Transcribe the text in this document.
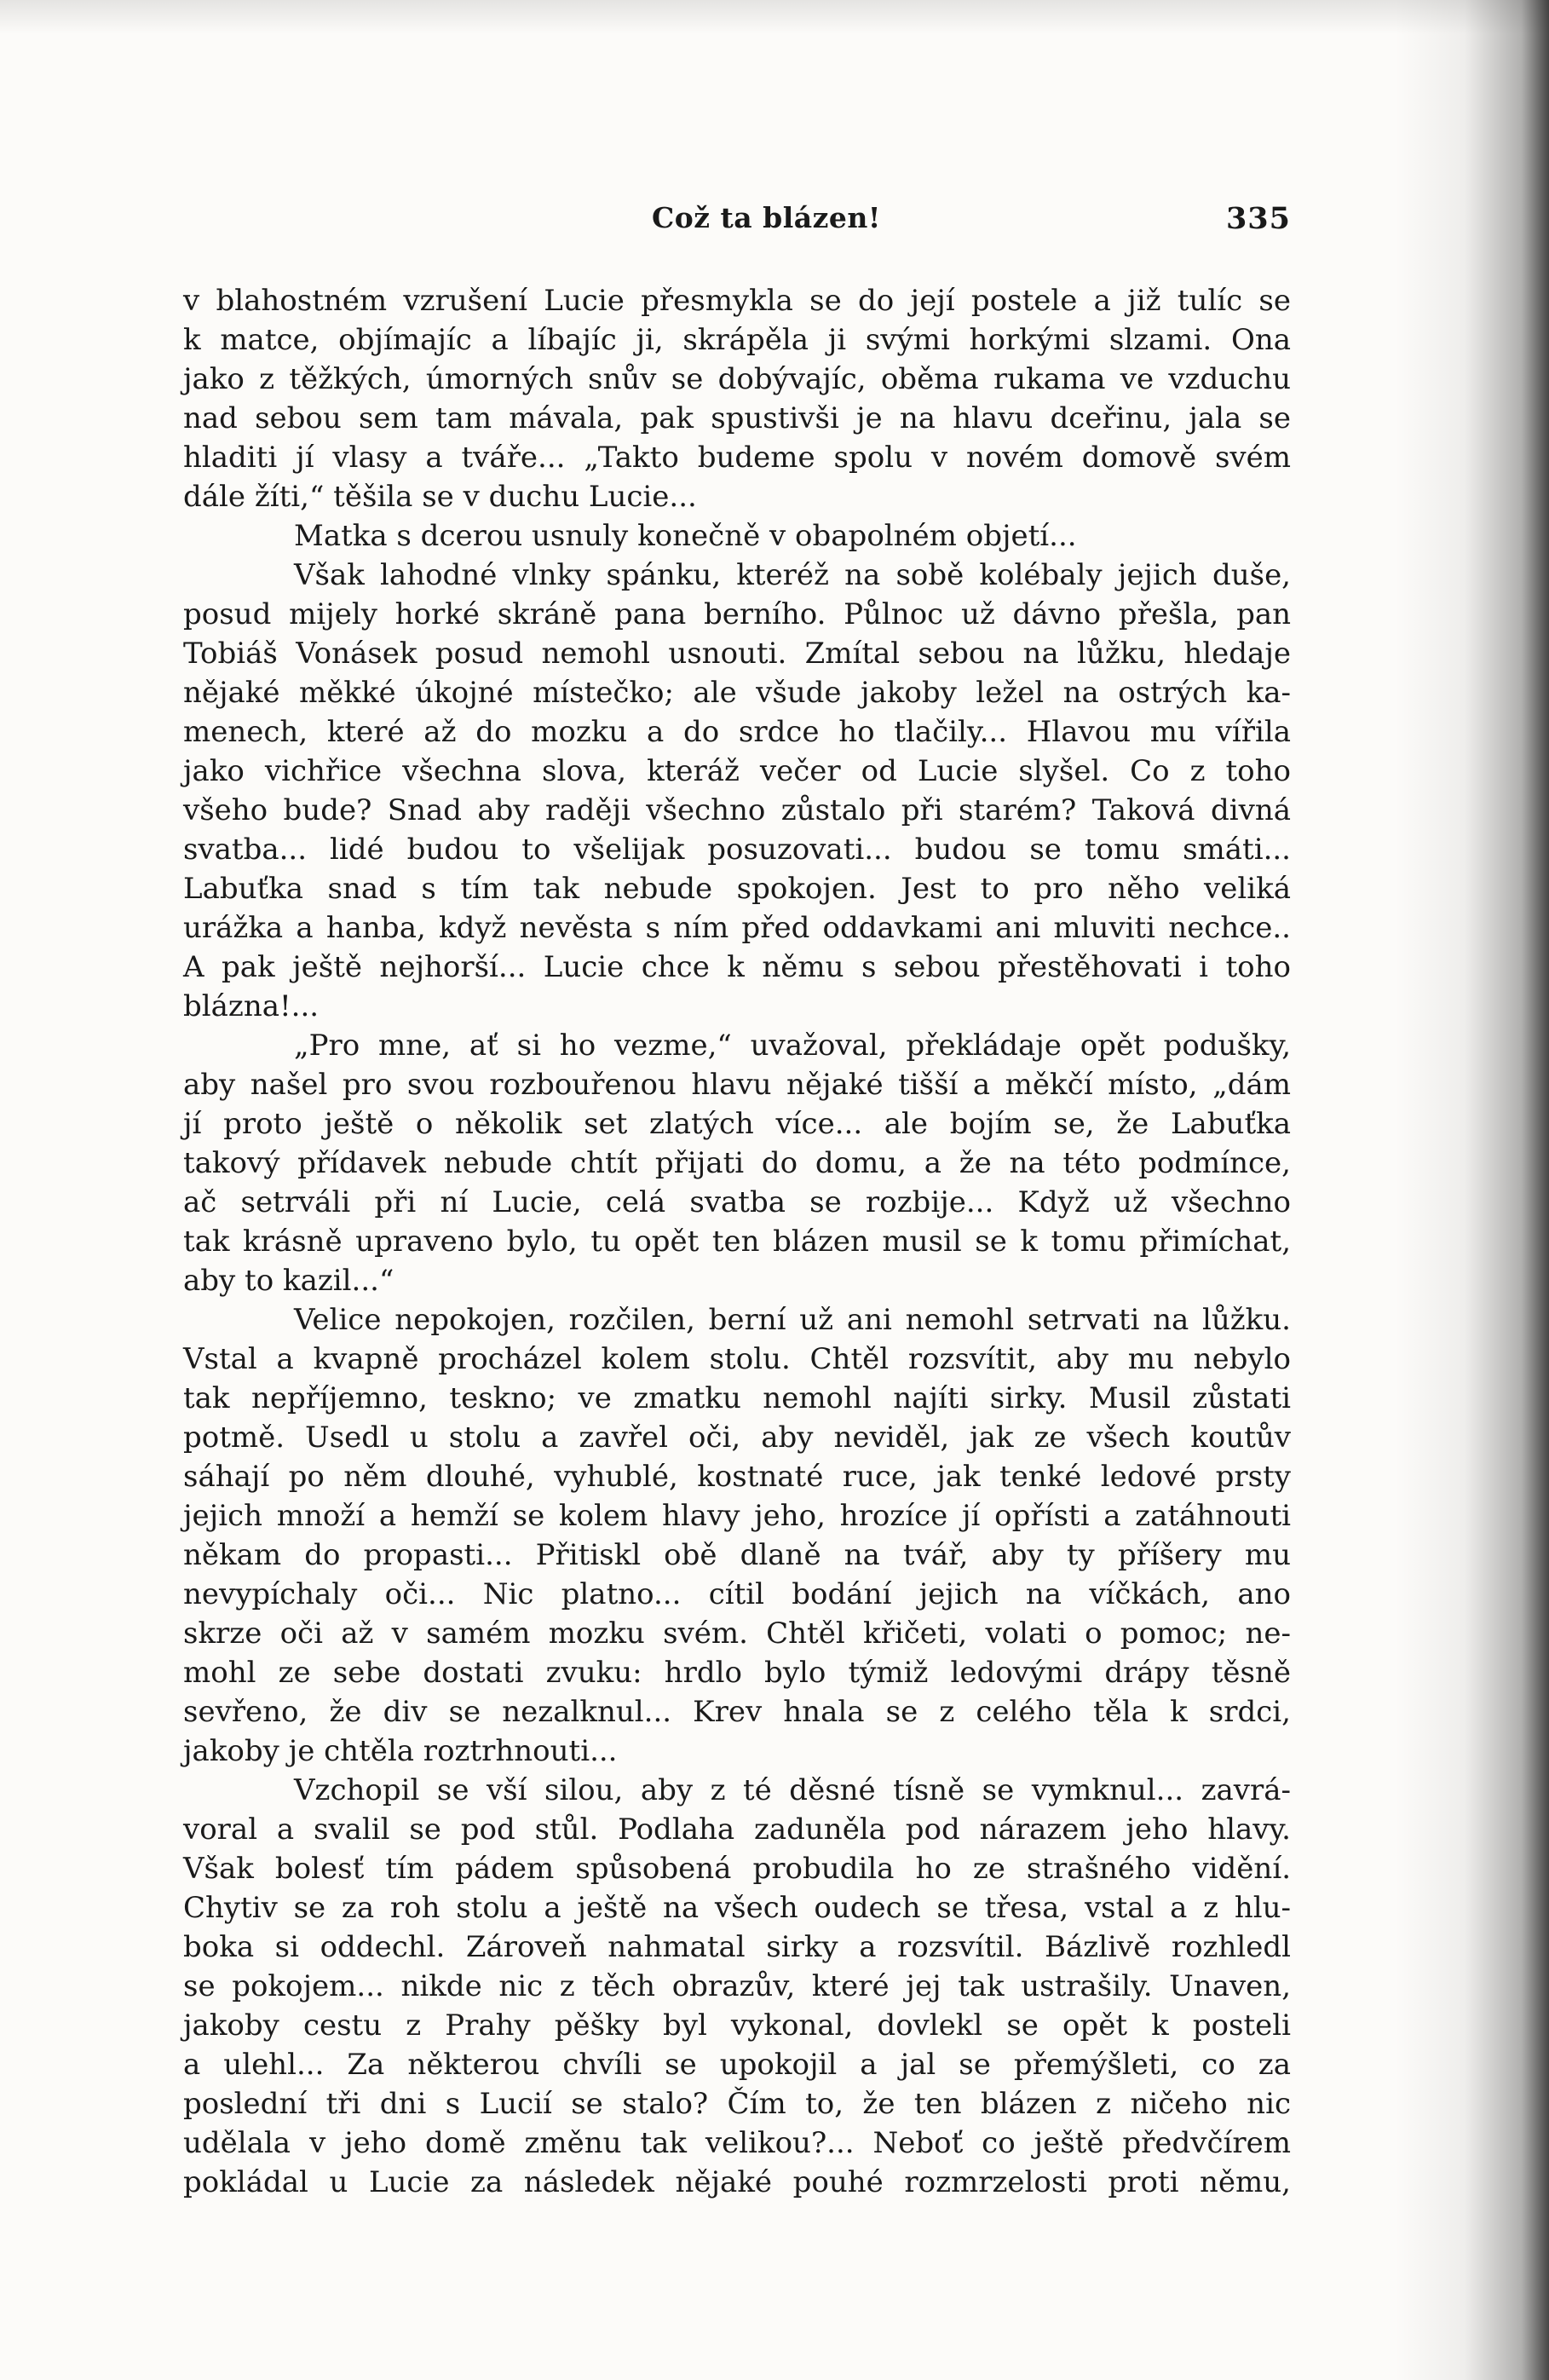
Což ta blázen!	335
v blahostném vzrušení Lucie přesmykla se do její postele a již tulíc se
k matce, objímajíc a líbajíc ji, skrápěla ji svými horkými slzami. Ona
jako z těžkých, úmorných snův se dobývajíc, oběma rukama ve vzduchu
nad sebou sem tam mávala, pak spustivši je na hlavu dceřinu, jala se
hladiti jí vlasy a tváře... „Takto budeme spolu v novém domově svém
dále žíti,“ těšila se v duchu Lucie...
Matka s dcerou usnuly konečně v obapolném objetí...
Však lahodné vlnky spánku, kteréž na sobě kolébaly jejich duše,
posud mijely horké skráně pana berního. Půlnoc už dávno přešla, pan
Tobiáš Vonásek posud nemohl usnouti. Zmítal sebou na lůžku, hledaje
nějaké měkké úkojné místečko; ale všude jakoby ležel na ostrých ka-
menech, které až do mozku a do srdce ho tlačily... Hlavou mu vířila
jako vichřice všechna slova, kteráž večer od Lucie slyšel. Co z toho
všeho bude? Snad aby raději všechno zůstalo při starém? Taková divná
svatba... lidé budou to všelijak posuzovati... budou se tomu smáti...
Labuťka snad s tím tak nebude spokojen. Jest to pro něho veliká
urážka a hanba, když nevěsta s ním před oddavkami ani mluviti nechce..
A pak ještě nejhorší... Lucie chce k němu s sebou přestěhovati i toho
blázna!...
„Pro mne, ať si ho vezme,“ uvažoval, překládaje opět podušky,
aby našel pro svou rozbouřenou hlavu nějaké tišší a měkčí místo, „dám
jí proto ještě o několik set zlatých více... ale bojím se, že Labuťka
takový přídavek nebude chtít přijati do domu, a že na této podmínce,
ač setrváli při ní Lucie, celá svatba se rozbije... Když už všechno
tak krásně upraveno bylo, tu opět ten blázen musil se k tomu přimíchat,
aby to kazil...“
Velice nepokojen, rozčilen, berní už ani nemohl setrvati na lůžku.
Vstal a kvapně procházel kolem stolu. Chtěl rozsvítit, aby mu nebylo
tak nepříjemno, teskno; ve zmatku nemohl najíti sirky. Musil zůstati
potmě. Usedl u stolu a zavřel oči, aby neviděl, jak ze všech koutův
sáhají po něm dlouhé, vyhublé, kostnaté ruce, jak tenké ledové prsty
jejich množí a hemží se kolem hlavy jeho, hrozíce jí opřísti a zatáhnouti
někam do propasti... Přitiskl obě dlaně na tvář, aby ty příšery mu
nevypíchaly oči... Nic platno... cítil bodání jejich na víčkách, ano
skrze oči až v samém mozku svém. Chtěl křičeti, volati o pomoc; ne-
mohl ze sebe dostati zvuku: hrdlo bylo týmiž ledovými drápy těsně
sevřeno, že div se nezalknul... Krev hnala se z celého těla k srdci,
jakoby je chtěla roztrhnouti...
Vzchopil se vší silou, aby z té děsné tísně se vymknul... zavrá-
voral a svalil se pod stůl. Podlaha zaduněla pod nárazem jeho hlavy.
Však bolesť tím pádem spůsobená probudila ho ze strašného vidění.
Chytiv se za roh stolu a ještě na všech oudech se třesa, vstal a z hlu-
boka si oddechl. Zároveň nahmatal sirky a rozsvítil. Bázlivě rozhledl
se pokojem... nikde nic z těch obrazův, které jej tak ustrašily. Unaven,
jakoby cestu z Prahy pěšky byl vykonal, dovlekl se opět k posteli
a ulehl... Za některou chvíli se upokojil a jal se přemýšleti, co za
poslední tři dni s Lucií se stalo? Čím to, že ten blázen z ničeho nic
udělala v jeho domě změnu tak velikou?... Neboť co ještě předvčírem
pokládal u Lucie za následek nějaké pouhé rozmrzelosti proti němu,
